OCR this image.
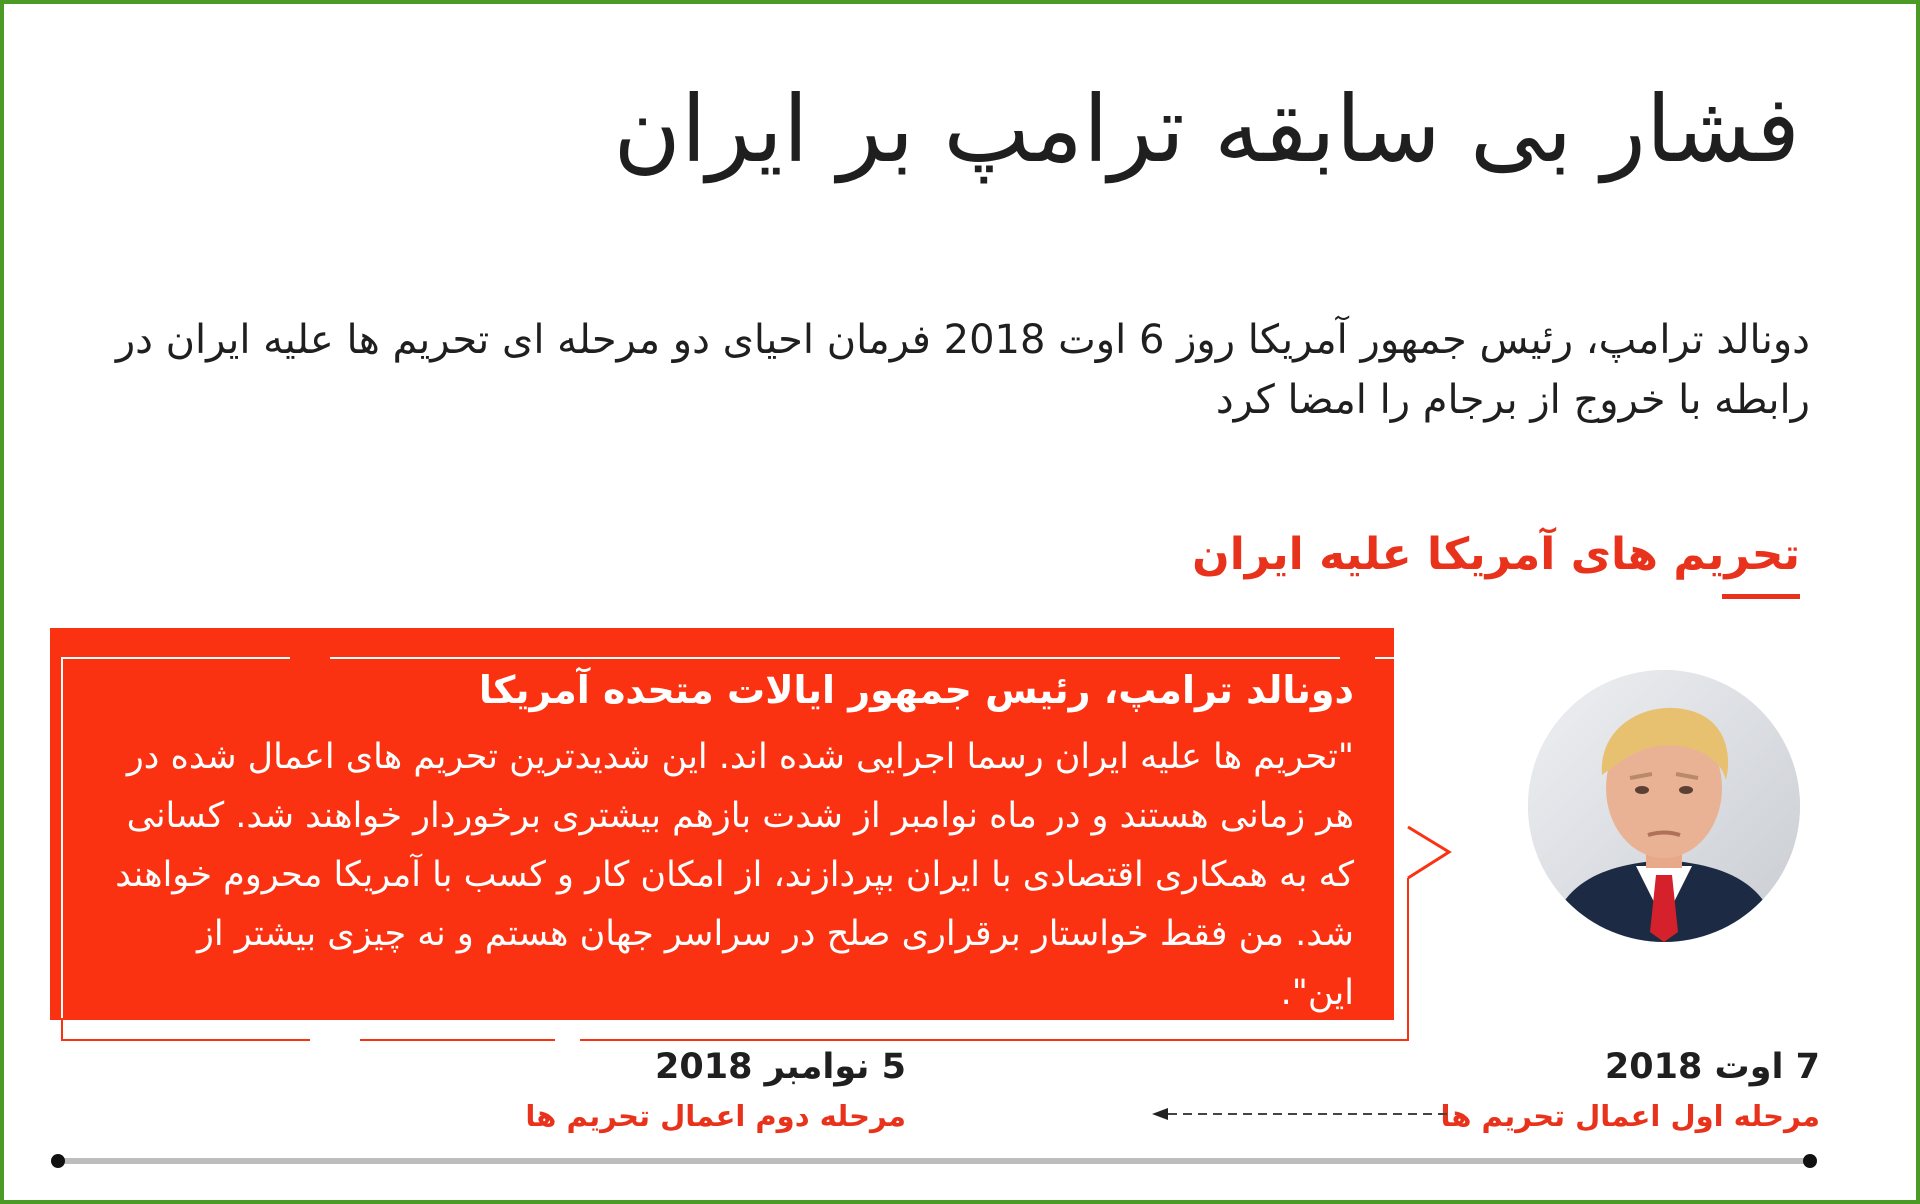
فشار بی سابقه ترامپ بر ایران

دونالد ترامپ، رئیس جمهور آمریکا روز 6 اوت 2018 فرمان احیای دو مرحله ای تحریم ها علیه ایران در رابطه با خروج از برجام را امضا کرد

تحریم های آمریکا علیه ایران

دونالد ترامپ، رئیس جمهور ایالات متحده آمریکا

"تحریم ها علیه ایران رسما اجرایی شده اند. این شدیدترین تحریم های اعمال شده در هر زمانی هستند و در ماه نوامبر از شدت بازهم بیشتری برخوردار خواهند شد. کسانی که به همکاری اقتصادی با ایران بپردازند، از امکان کار و کسب با آمریکا محروم خواهند شد. من فقط خواستار برقراری صلح در سراسر جهان هستم و نه چیزی بیشتر از این".

7 اوت 2018

مرحله اول اعمال تحریم ها

5 نوامبر 2018

مرحله دوم اعمال تحریم ها
